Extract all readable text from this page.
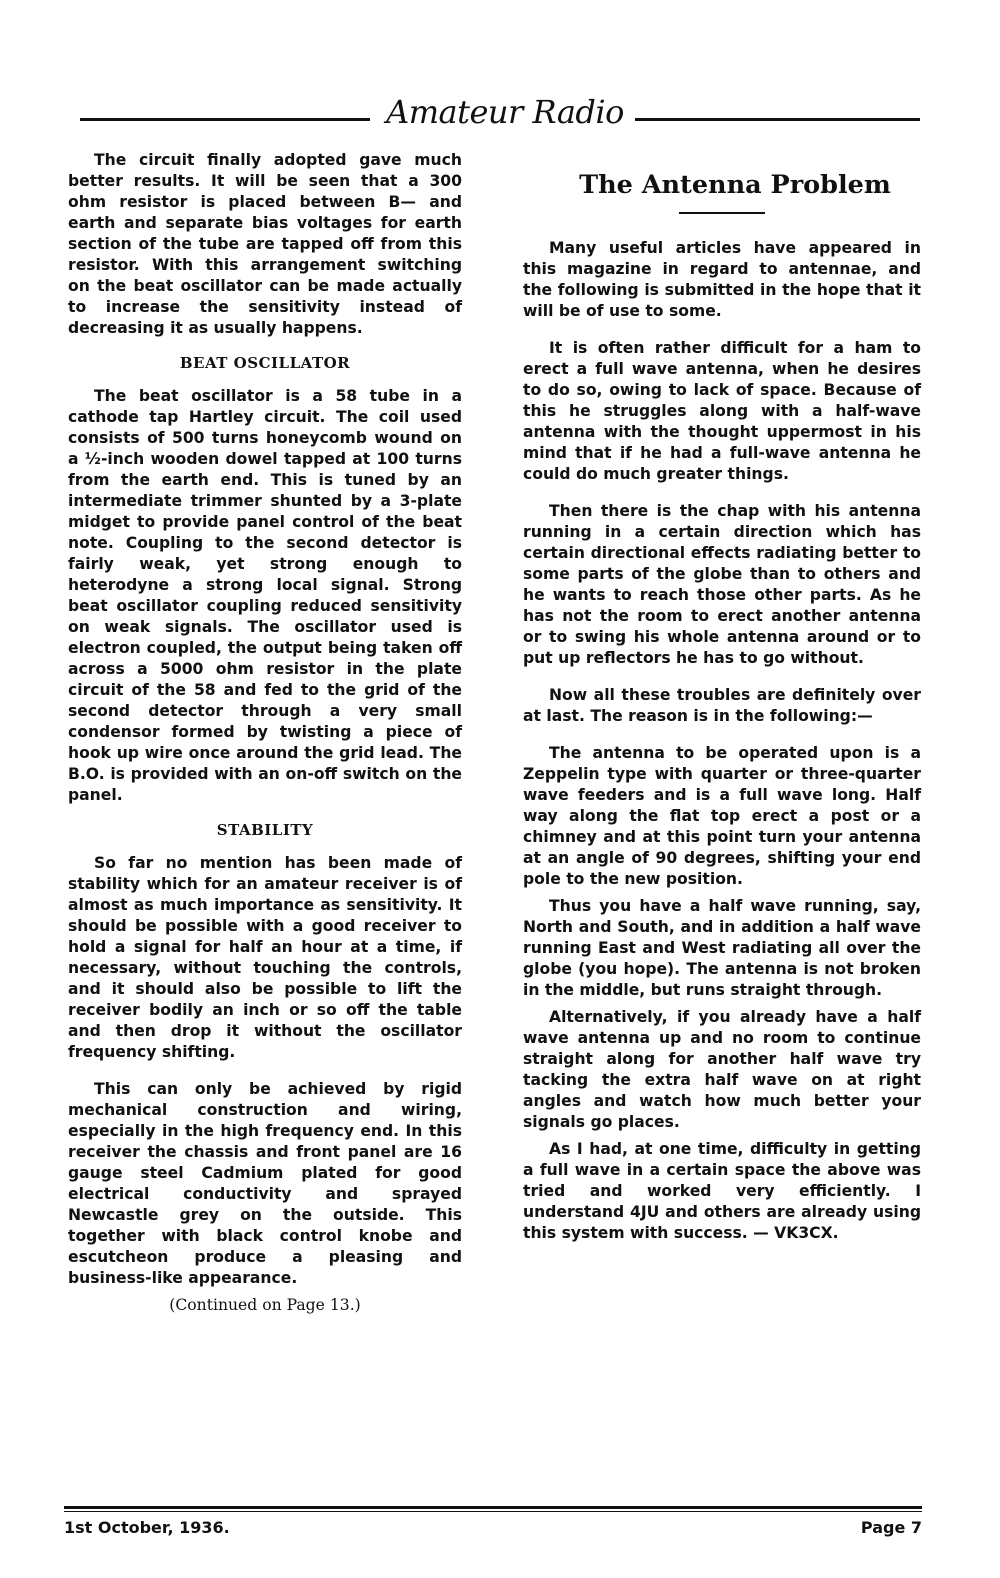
Amateur Radio

The circuit finally adopted gave much better results. It will be seen that a 300 ohm resistor is placed between B— and earth and separate bias voltages for earth section of the tube are tapped off from this resistor. With this arrangement switching on the beat oscillator can be made actually to increase the sensitivity instead of decreasing it as usually happens.

BEAT OSCILLATOR

The beat oscillator is a 58 tube in a cathode tap Hartley circuit. The coil used consists of 500 turns honeycomb wound on a ½-inch wooden dowel tapped at 100 turns from the earth end. This is tuned by an intermediate trimmer shunted by a 3-plate midget to provide panel control of the beat note. Coupling to the second detector is fairly weak, yet strong enough to heterodyne a strong local signal. Strong beat oscillator coupling reduced sensitivity on weak signals. The oscillator used is electron coupled, the output being taken off across a 5000 ohm resistor in the plate circuit of the 58 and fed to the grid of the second detector through a very small condensor formed by twisting a piece of hook up wire once around the grid lead. The B.O. is provided with an on-off switch on the panel.

STABILITY

So far no mention has been made of stability which for an amateur receiver is of almost as much importance as sensitivity. It should be possible with a good receiver to hold a signal for half an hour at a time, if necessary, without touching the controls, and it should also be possible to lift the receiver bodily an inch or so off the table and then drop it without the oscillator frequency shifting.

This can only be achieved by rigid mechanical construction and wiring, especially in the high frequency end. In this receiver the chassis and front panel are 16 gauge steel Cadmium plated for good electrical conductivity and sprayed Newcastle grey on the outside. This together with black control knobe and escutcheon produce a pleasing and business-like appearance.

(Continued on Page 13.)

The Antenna Problem

Many useful articles have appeared in this magazine in regard to antennae, and the following is submitted in the hope that it will be of use to some.

It is often rather difficult for a ham to erect a full wave antenna, when he desires to do so, owing to lack of space. Because of this he struggles along with a half-wave antenna with the thought uppermost in his mind that if he had a full-wave antenna he could do much greater things.

Then there is the chap with his antenna running in a certain direction which has certain directional effects radiating better to some parts of the globe than to others and he wants to reach those other parts. As he has not the room to erect another antenna or to swing his whole antenna around or to put up reflectors he has to go without.

Now all these troubles are definitely over at last. The reason is in the following:—

The antenna to be operated upon is a Zeppelin type with quarter or three-quarter wave feeders and is a full wave long. Half way along the flat top erect a post or a chimney and at this point turn your antenna at an angle of 90 degrees, shifting your end pole to the new position.

Thus you have a half wave running, say, North and South, and in addition a half wave running East and West radiating all over the globe (you hope). The antenna is not broken in the middle, but runs straight through.

Alternatively, if you already have a half wave antenna up and no room to continue straight along for another half wave try tacking the extra half wave on at right angles and watch how much better your signals go places.

As I had, at one time, difficulty in getting a full wave in a certain space the above was tried and worked very efficiently. I understand 4JU and others are already using this system with success. — VK3CX.

1st October, 1936.	Page 7
